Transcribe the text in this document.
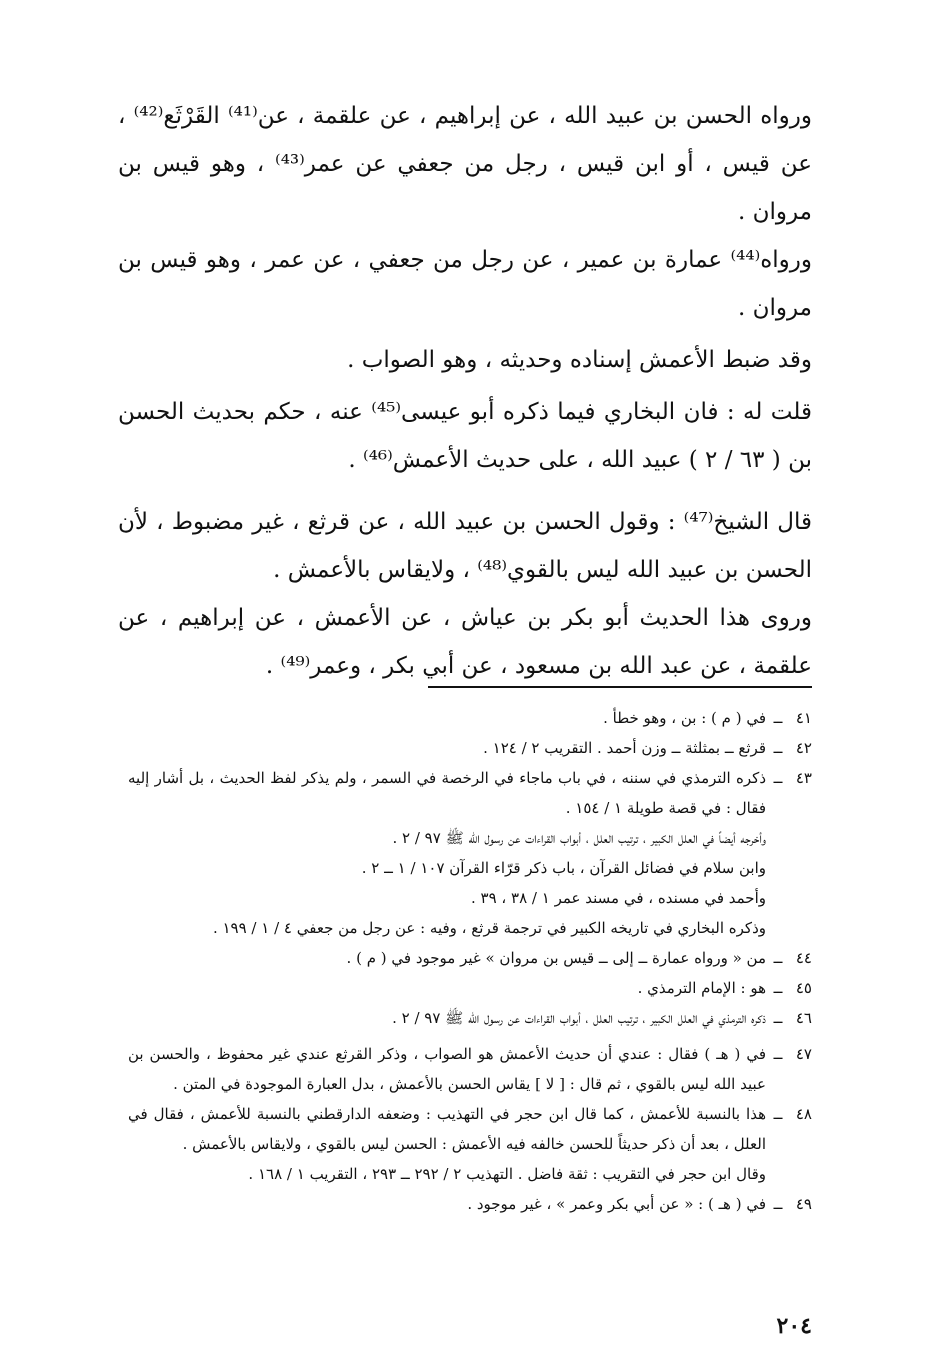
ورواه الحسن بن عبيد الله ، عن إبراهيم ، عن علقمة ، عن⁽⁴¹⁾ القَرْثَع⁽⁴²⁾ ، عن قيس ، أو ابن قيس ، رجل من جعفي عن عمر⁽⁴³⁾ ، وهو قيس بن مروان .

ورواه⁽⁴⁴⁾ عمارة بن عمير ، عن رجل من جعفي ، عن عمر ، وهو قيس بن مروان .

وقد ضبط الأعمش إسناده وحديثه ، وهو الصواب .

قلت له : فان البخاري فيما ذكره أبو عيسى⁽⁴⁵⁾ عنه ، حكم بحديث الحسن بن ( ٦٣ / ٢ ) عبيد الله ، على حديث الأعمش⁽⁴⁶⁾ .

قال الشيخ⁽⁴⁷⁾ : وقول الحسن بن عبيد الله ، عن قرثع ، غير مضبوط ، لأن الحسن بن عبيد الله ليس بالقوي⁽⁴⁸⁾ ، ولايقاس بالأعمش .

وروى هذا الحديث أبو بكر بن عياش ، عن الأعمش ، عن إبراهيم ، عن علقمة ، عن عبد الله بن مسعود ، عن أبي بكر ، وعمر⁽⁴⁹⁾ .

٤١
ــ
في ( م ) : بن ، وهو خطأ .
٤٢
ــ
قرثع ــ بمثلثة ــ وزن أحمد . التقريب ٢ / ١٢٤ .
٤٣
ــ
ذكره الترمذي في سننه ، في باب ماجاء في الرخصة في السمر ، ولم يذكر لفظ الحديث ، بل أشار إليه فقال : في قصة طويلة ١ / ١٥٤ .
وأخرجه أيضاً في العلل الكبير ، ترتيب العلل ، أبواب القراءات عن رسول الله ﷺ ٩٧ / ٢ .
وابن سلام في فضائل القرآن ، باب ذكر قرّاء القرآن ١٠٧ / ١ ــ ٢ .
وأحمد في مسنده ، في مسند عمر ١ / ٣٨ ، ٣٩ .
وذكره البخاري في تاريخه الكبير في ترجمة قرثع ، وفيه : عن رجل من جعفي ٤ / ١ / ١٩٩ .
٤٤
ــ
من « ورواه عمارة ــ إلى ــ قيس بن مروان » غير موجود في ( م ) .
٤٥
ــ
هو : الإمام الترمذي .
٤٦
ــ
ذكره الترمذي في العلل الكبير ، ترتيب العلل ، أبواب القراءات عن رسول الله ﷺ ٩٧ / ٢ .
٤٧
ــ
في ( هـ ) فقال : عندي أن حديث الأعمش هو الصواب ، وذكر القرثع عندي غير محفوظ ، والحسن بن عبيد الله ليس بالقوي ، ثم قال : [ لا ] يقاس الحسن بالأعمش ، بدل العبارة الموجودة في المتن .
٤٨
ــ
هذا بالنسبة للأعمش ، كما قال ابن حجر في التهذيب : وضعفه الدارقطني بالنسبة للأعمش ، فقال في العلل ، بعد أن ذكر حديثاً للحسن خالفه فيه الأعمش : الحسن ليس بالقوي ، ولايقاس بالأعمش .
وقال ابن حجر في التقريب : ثقة فاضل . التهذيب ٢ / ٢٩٢ ــ ٢٩٣ ، التقريب ١ / ١٦٨ .
٤٩
ــ
في ( هـ ) : « عن أبي بكر وعمر » ، غير موجود .
٢٠٤
